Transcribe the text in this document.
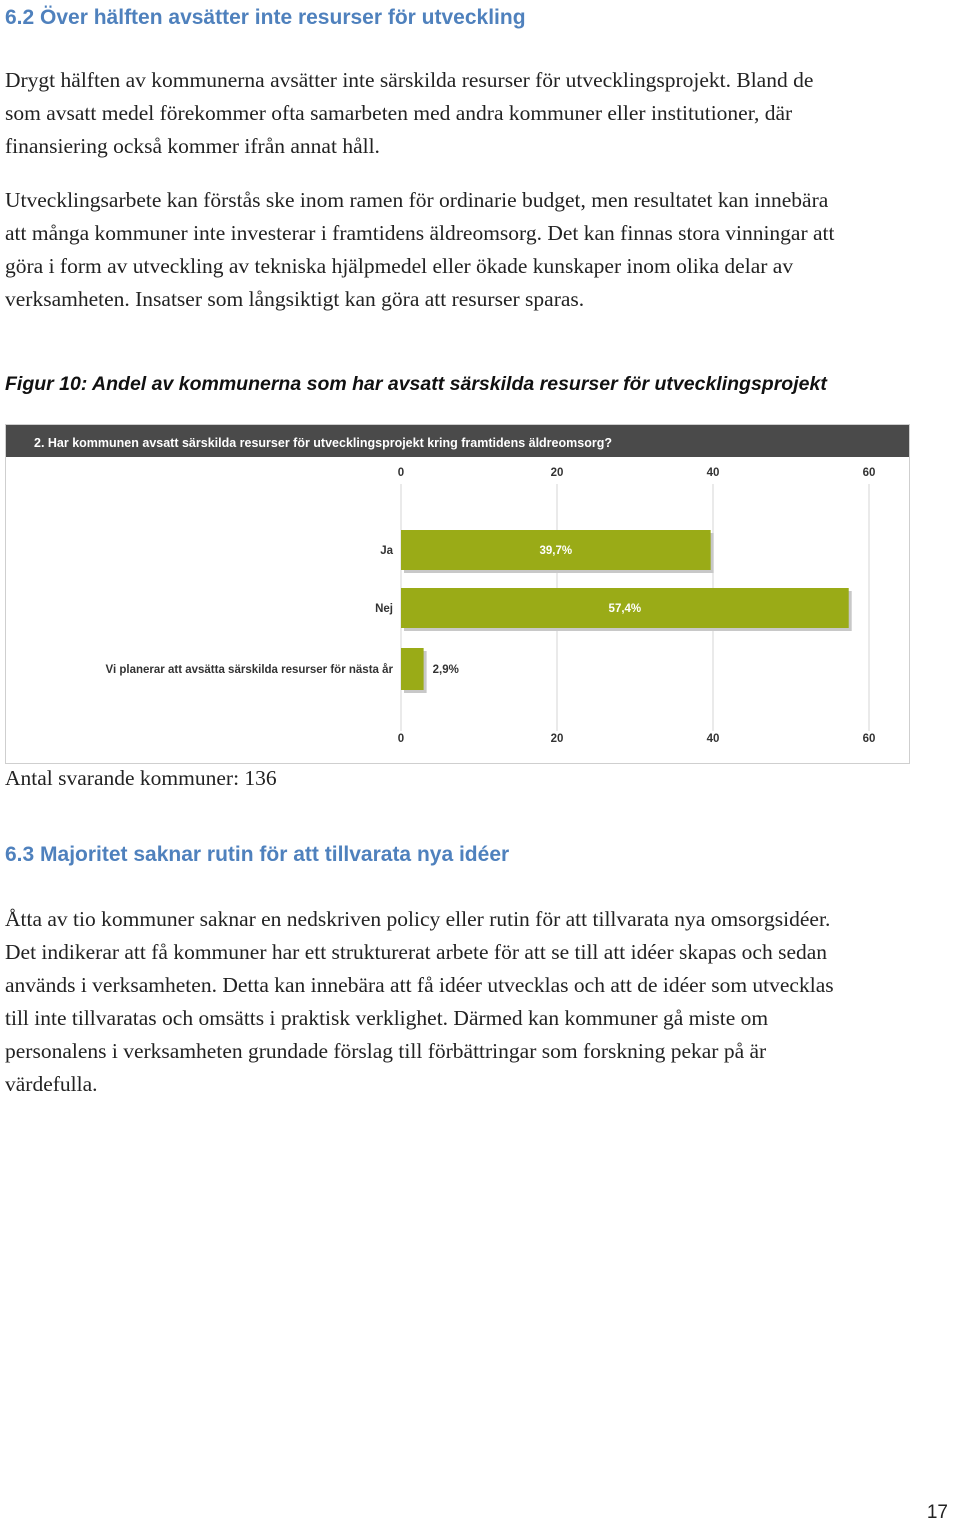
6.2 Över hälften avsätter inte resurser för utveckling

Drygt hälften av kommunerna avsätter inte särskilda resurser för utvecklingsprojekt. Bland de
som avsatt medel förekommer ofta samarbeten med andra kommuner eller institutioner, där
finansiering också kommer ifrån annat håll.

Utvecklingsarbete kan förstås ske inom ramen för ordinarie budget, men resultatet kan innebära
att många kommuner inte investerar i framtidens äldreomsorg. Det kan finnas stora vinningar att
göra i form av utveckling av tekniska hjälpmedel eller ökade kunskaper inom olika delar av
verksamheten. Insatser som långsiktigt kan göra att resurser sparas.

Figur 10: Andel av kommunerna som har avsatt särskilda resurser för utvecklingsprojekt
2. Har kommunen avsatt särskilda resurser för utvecklingsprojekt kring framtidens äldreomsorg?
0
0
20
20
40
40
60
60
Ja	39,7%
Nej	57,4%
Vi planerar att avsätta särskilda resurser för nästa år	2,9%
Antal svarande kommuner: 136
6.3 Majoritet saknar rutin för att tillvarata nya idéer

Åtta av tio kommuner saknar en nedskriven policy eller rutin för att tillvarata nya omsorgsidéer.
Det indikerar att få kommuner har ett strukturerat arbete för att se till att idéer skapas och sedan
används i verksamheten. Detta kan innebära att få idéer utvecklas och att de idéer som utvecklas
till inte tillvaratas och omsätts i praktisk verklighet. Därmed kan kommuner gå miste om
personalens i verksamheten grundade förslag till förbättringar som forskning pekar på är
värdefulla.

17
